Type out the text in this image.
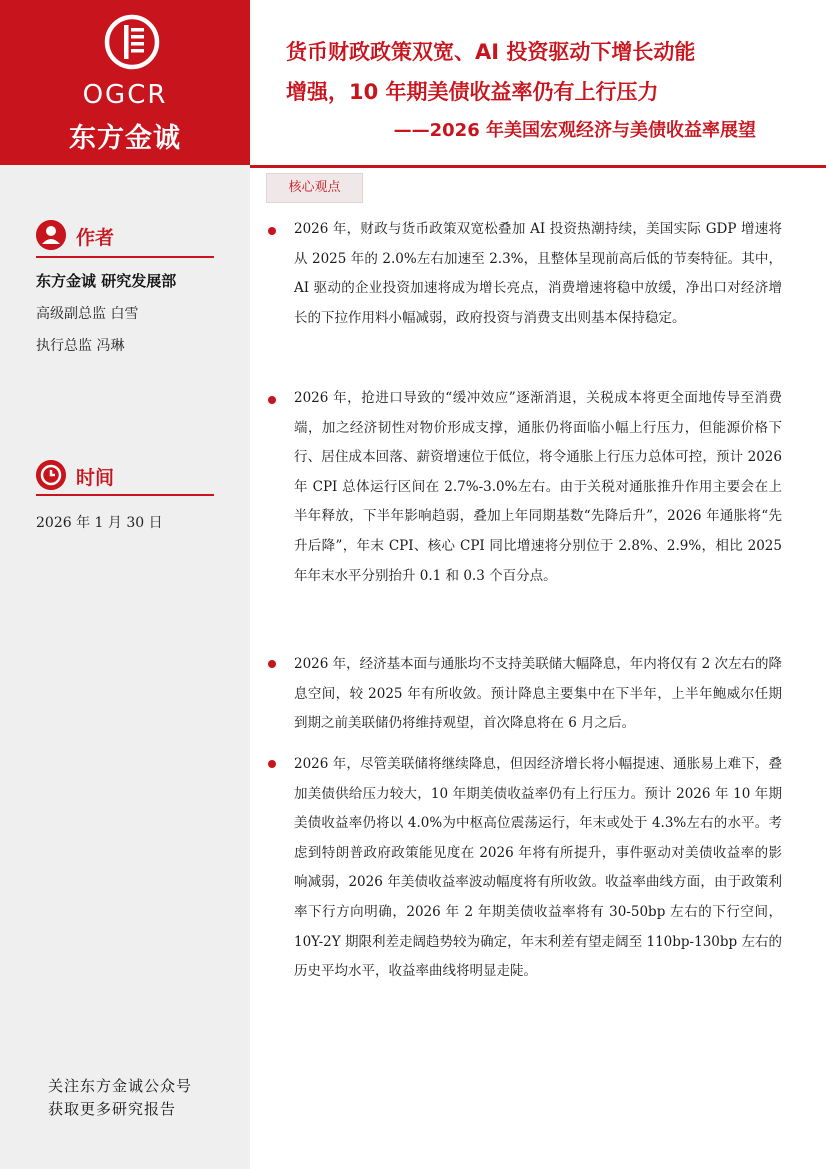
OGCR
东方金诚
货币财政政策双宽、AI 投资驱动下增长动能
增强，10 年期美债收益率仍有上行压力
——2026 年美国宏观经济与美债收益率展望
作者
东方金诚 研究发展部
高级副总监 白雪
执行总监 冯琳
时间
2026 年 1 月 30 日
关注东方金诚公众号
获取更多研究报告
核心观点
2026 年，财政与货币政策双宽松叠加 AI 投资热潮持续，美国实际 GDP 增速将从 2025 年的 2.0%左右加速至 2.3%，且整体呈现前高后低的节奏特征。其中，AI 驱动的企业投资加速将成为增长亮点，消费增速将稳中放缓，净出口对经济增长的下拉作用料小幅减弱，政府投资与消费支出则基本保持稳定。
2026 年，抢进口导致的“缓冲效应”逐渐消退，关税成本将更全面地传导至消费端，加之经济韧性对物价形成支撑，通胀仍将面临小幅上行压力，但能源价格下行、居住成本回落、薪资增速位于低位，将令通胀上行压力总体可控，预计 2026 年 CPI 总体运行区间在 2.7%-3.0%左右。由于关税对通胀推升作用主要会在上半年释放，下半年影响趋弱，叠加上年同期基数“先降后升”，2026 年通胀将“先升后降”，年末 CPI、核心 CPI 同比增速将分别位于 2.8%、2.9%，相比 2025 年年末水平分别抬升 0.1 和 0.3 个百分点。
2026 年，经济基本面与通胀均不支持美联储大幅降息，年内将仅有 2 次左右的降息空间，较 2025 年有所收敛。预计降息主要集中在下半年，上半年鲍威尔任期到期之前美联储仍将维持观望，首次降息将在 6 月之后。
2026 年，尽管美联储将继续降息，但因经济增长将小幅提速、通胀易上难下，叠加美债供给压力较大，10 年期美债收益率仍有上行压力。预计 2026 年 10 年期美债收益率仍将以 4.0%为中枢高位震荡运行，年末或处于 4.3%左右的水平。考虑到特朗普政府政策能见度在 2026 年将有所提升，事件驱动对美债收益率的影响减弱，2026 年美债收益率波动幅度将有所收敛。收益率曲线方面，由于政策利率下行方向明确，2026 年 2 年期美债收益率将有 30-50bp 左右的下行空间，10Y-2Y 期限利差走阔趋势较为确定，年末利差有望走阔至 110bp-130bp 左右的历史平均水平，收益率曲线将明显走陡。
